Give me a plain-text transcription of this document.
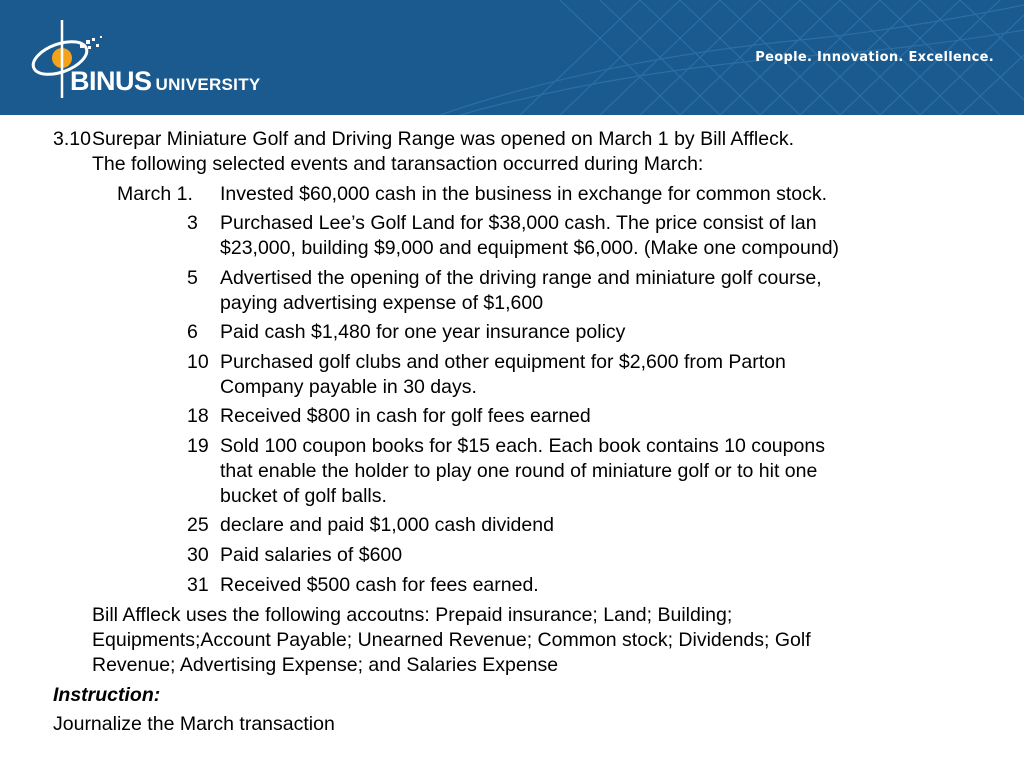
BINUS UNIVERSITY
People. Innovation. Excellence.
3.10 Surepar Miniature Golf and Driving Range was opened on March 1 by Bill Affleck.
The following selected events and taransaction occurred during March:
March 1. Invested $60,000 cash in the business in exchange for common stock.
3 Purchased Lee’s Golf Land for $38,000 cash. The price consist of lan
$23,000, building $9,000 and equipment $6,000. (Make one compound)
5 Advertised the opening of the driving range and miniature golf course,
paying advertising expense of $1,600
6 Paid cash $1,480 for one year insurance policy
10 Purchased golf clubs and other equipment for $2,600 from Parton
Company payable in 30 days.
18 Received $800 in cash for golf fees earned
19 Sold 100 coupon books for $15 each. Each book contains 10 coupons
that enable the holder to play one round of miniature golf or to hit one
bucket of golf balls.
25 declare and paid $1,000 cash dividend
30 Paid salaries of $600
31 Received $500 cash for fees earned.
Bill Affleck uses the following accoutns: Prepaid insurance; Land; Building;
Equipments;Account Payable; Unearned Revenue; Common stock; Dividends; Golf
Revenue; Advertising Expense; and Salaries Expense
Instruction:
Journalize the March transaction
